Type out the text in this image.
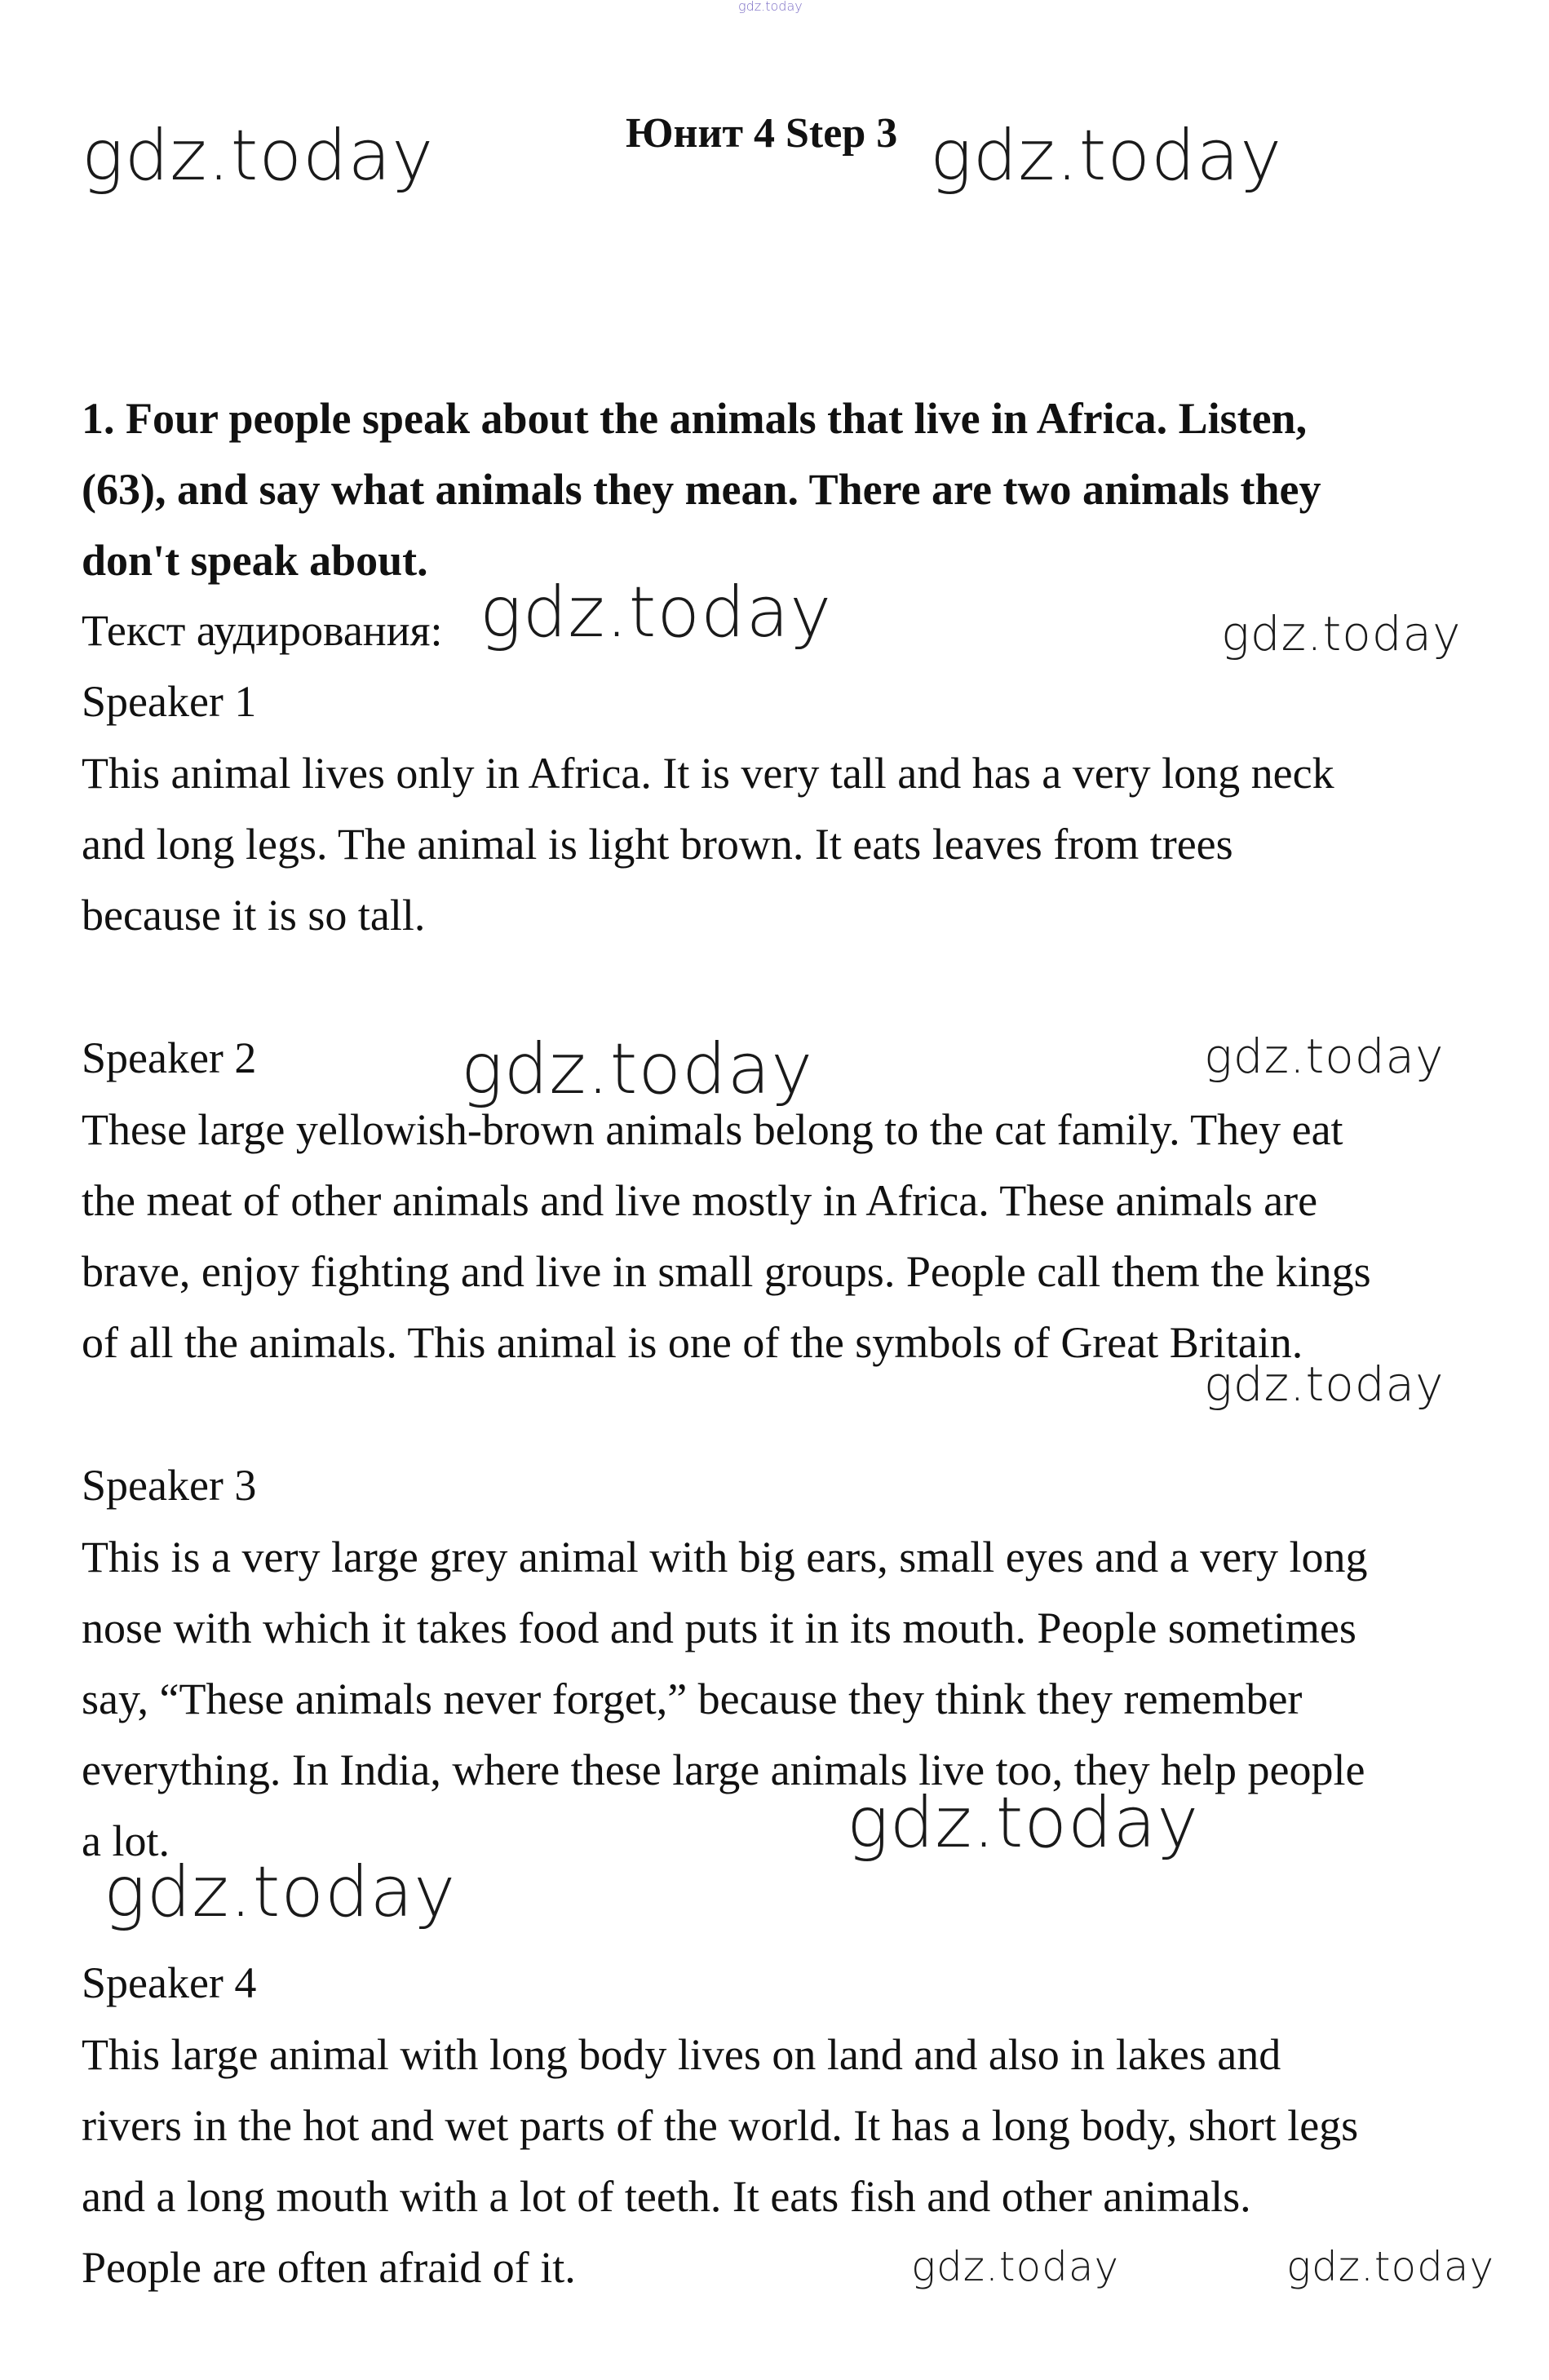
gdz.today
gdz.today	gdz.today
gdz.today	gdz.today
gdz.today	gdz.today
gdz.today
gdz.today
gdz.today
gdz.today	gdz.today
Юнит 4 Step 3
1. Four people speak about the animals that live in Africa. Listen,
(63), and say what animals they mean. There are two animals they
don't speak about.
Текст аудирования:
Speaker 1
This animal lives only in Africa. It is very tall and has a very long neck
and long legs. The animal is light brown. It eats leaves from trees
because it is so tall.
Speaker 2
These large yellowish-brown animals belong to the cat family. They eat
the meat of other animals and live mostly in Africa. These animals are
brave, enjoy fighting and live in small groups. People call them the kings
of all the animals. This animal is one of the symbols of Great Britain.
Speaker 3
This is a very large grey animal with big ears, small eyes and a very long
nose with which it takes food and puts it in its mouth. People sometimes
say, “These animals never forget,” because they think they remember
everything. In India, where these large animals live too, they help people
a lot.
Speaker 4
This large animal with long body lives on land and also in lakes and
rivers in the hot and wet parts of the world. It has a long body, short legs
and a long mouth with a lot of teeth. It eats fish and other animals.
People are often afraid of it.
